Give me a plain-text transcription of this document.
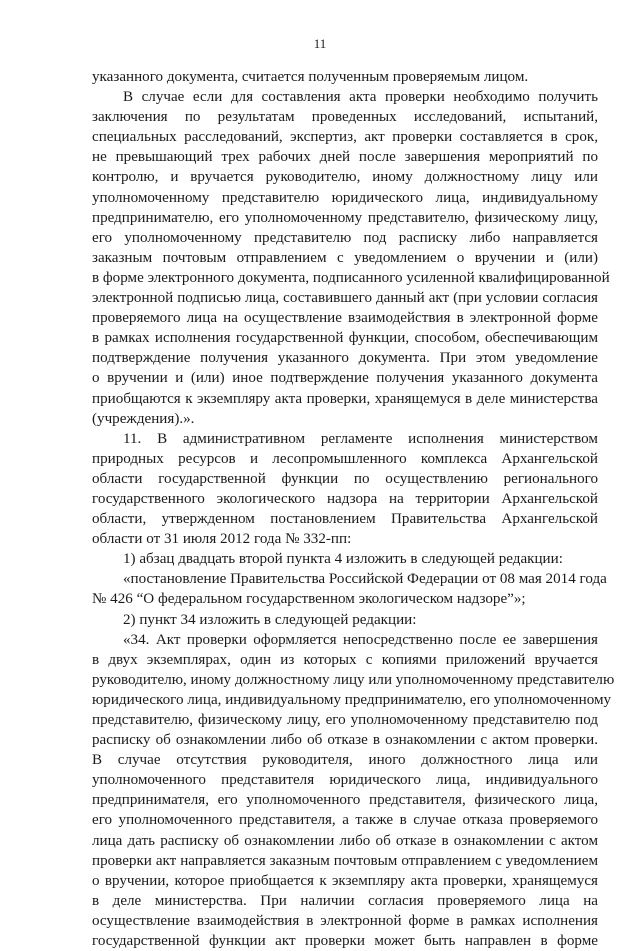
11
указанного документа, считается полученным проверяемым лицом.
В случае если для составления акта проверки необходимо получить
заключения по результатам проведенных исследований, испытаний,
специальных расследований, экспертиз, акт проверки составляется в срок,
не превышающий трех рабочих дней после завершения мероприятий по
контролю, и вручается руководителю, иному должностному лицу или
уполномоченному представителю юридического лица, индивидуальному
предпринимателю, его уполномоченному представителю, физическому лицу,
его уполномоченному представителю под расписку либо направляется
заказным почтовым отправлением с уведомлением о вручении и (или)
в форме электронного документа, подписанного усиленной квалифицированной
электронной подписью лица, составившего данный акт (при условии согласия
проверяемого лица на осуществление взаимодействия в электронной форме
в рамках исполнения государственной функции, способом, обеспечивающим
подтверждение получения указанного документа. При этом уведомление
о вручении и (или) иное подтверждение получения указанного документа
приобщаются к экземпляру акта проверки, хранящемуся в деле министерства
(учреждения).».
11. В административном регламенте исполнения министерством
природных ресурсов и лесопромышленного комплекса Архангельской
области государственной функции по осуществлению регионального
государственного экологического надзора на территории Архангельской
области, утвержденном постановлением Правительства Архангельской
области от 31 июля 2012 года № 332-пп:
1) абзац двадцать второй пункта 4 изложить в следующей редакции:
«постановление Правительства Российской Федерации от 08 мая 2014 года
№ 426 “О федеральном государственном экологическом надзоре”»;
2) пункт 34 изложить в следующей редакции:
«34. Акт проверки оформляется непосредственно после ее завершения
в двух экземплярах, один из которых с копиями приложений вручается
руководителю, иному должностному лицу или уполномоченному представителю
юридического лица, индивидуальному предпринимателю, его уполномоченному
представителю, физическому лицу, его уполномоченному представителю под
расписку об ознакомлении либо об отказе в ознакомлении с актом проверки.
В случае отсутствия руководителя, иного должностного лица или
уполномоченного представителя юридического лица, индивидуального
предпринимателя, его уполномоченного представителя, физического лица,
его уполномоченного представителя, а также в случае отказа проверяемого
лица дать расписку об ознакомлении либо об отказе в ознакомлении с актом
проверки акт направляется заказным почтовым отправлением с уведомлением
о вручении, которое приобщается к экземпляру акта проверки, хранящемуся
в деле министерства. При наличии согласия проверяемого лица на
осуществление взаимодействия в электронной форме в рамках исполнения
государственной функции акт проверки может быть направлен в форме
